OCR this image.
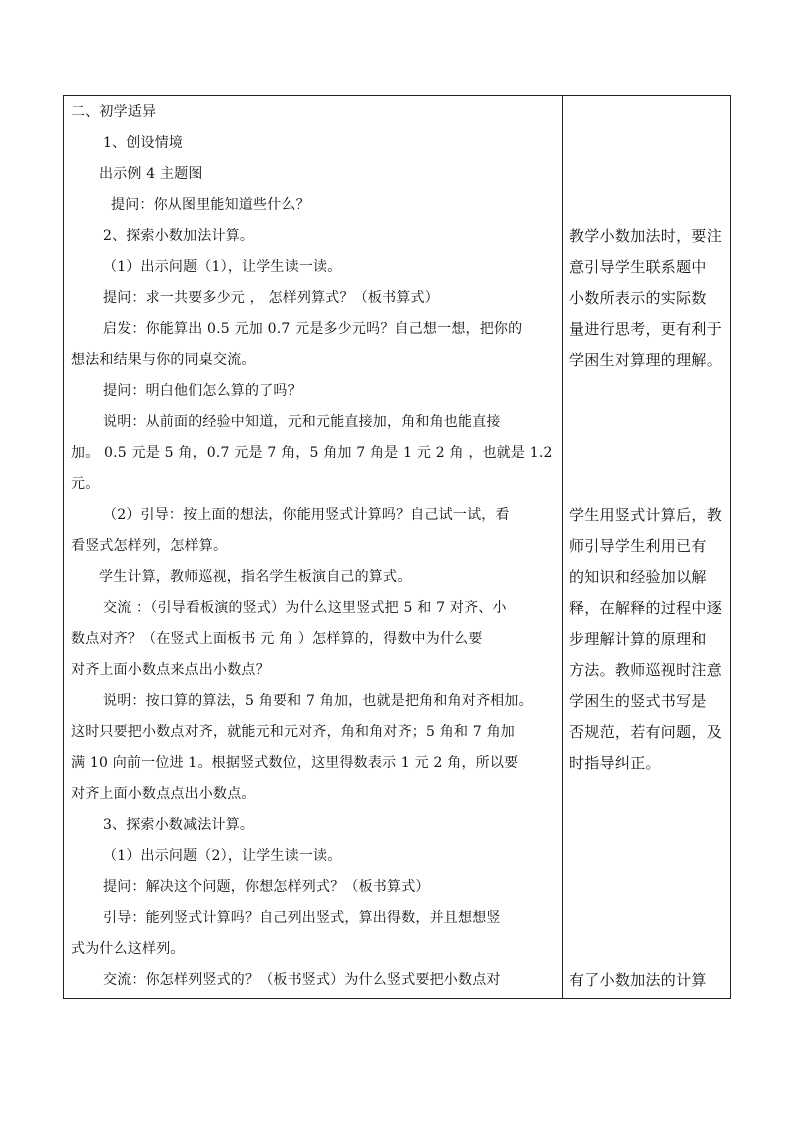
二、初学适异
1、创设情境
出示例 4 主题图
提问：你从图里能知道些什么？
2、探索小数加法计算。
（1）出示问题（1），让学生读一读。
提问：求一共要多少元 ， 怎样列算式？（板书算式）
启发：你能算出 0.5 元加 0.7 元是多少元吗？自己想一想，把你的
想法和结果与你的同桌交流。
提问：明白他们怎么算的了吗？
说明：从前面的经验中知道，元和元能直接加，角和角也能直接
加。 0.5 元是 5 角，0.7 元是 7 角，5 角加 7 角是 1 元 2 角 ，也就是 1.2
元。
（2）引导：按上面的想法，你能用竖式计算吗？自己试一试，看
看竖式怎样列，怎样算。
学生计算，教师巡视，指名学生板演自己的算式。
交流 ：（引导看板演的竖式）为什么这里竖式把 5 和 7 对齐、小
数点对齐？（在竖式上面板书 元 角 ）怎样算的，得数中为什么要
对齐上面小数点来点出小数点？
说明：按口算的算法，5 角要和 7 角加，也就是把角和角对齐相加。
这时只要把小数点对齐，就能元和元对齐，角和角对齐；5 角和 7 角加
满 10 向前一位进 1。根据竖式数位，这里得数表示 1 元 2 角，所以要
对齐上面小数点点出小数点。
3、探索小数减法计算。
（1）出示问题（2），让学生读一读。
提问：解决这个问题，你想怎样列式？（板书算式）
引导：能列竖式计算吗？自己列出竖式，算出得数，并且想想竖
式为什么这样列。
交流：你怎样列竖式的？（板书竖式）为什么竖式要把小数点对
教学小数加法时，要注
意引导学生联系题中
小数所表示的实际数
量进行思考，更有利于
学困生对算理的理解。
学生用竖式计算后，教
师引导学生利用已有
的知识和经验加以解
释，在解释的过程中逐
步理解计算的原理和
方法。教师巡视时注意
学困生的竖式书写是
否规范，若有问题，及
时指导纠正。
有了小数加法的计算
